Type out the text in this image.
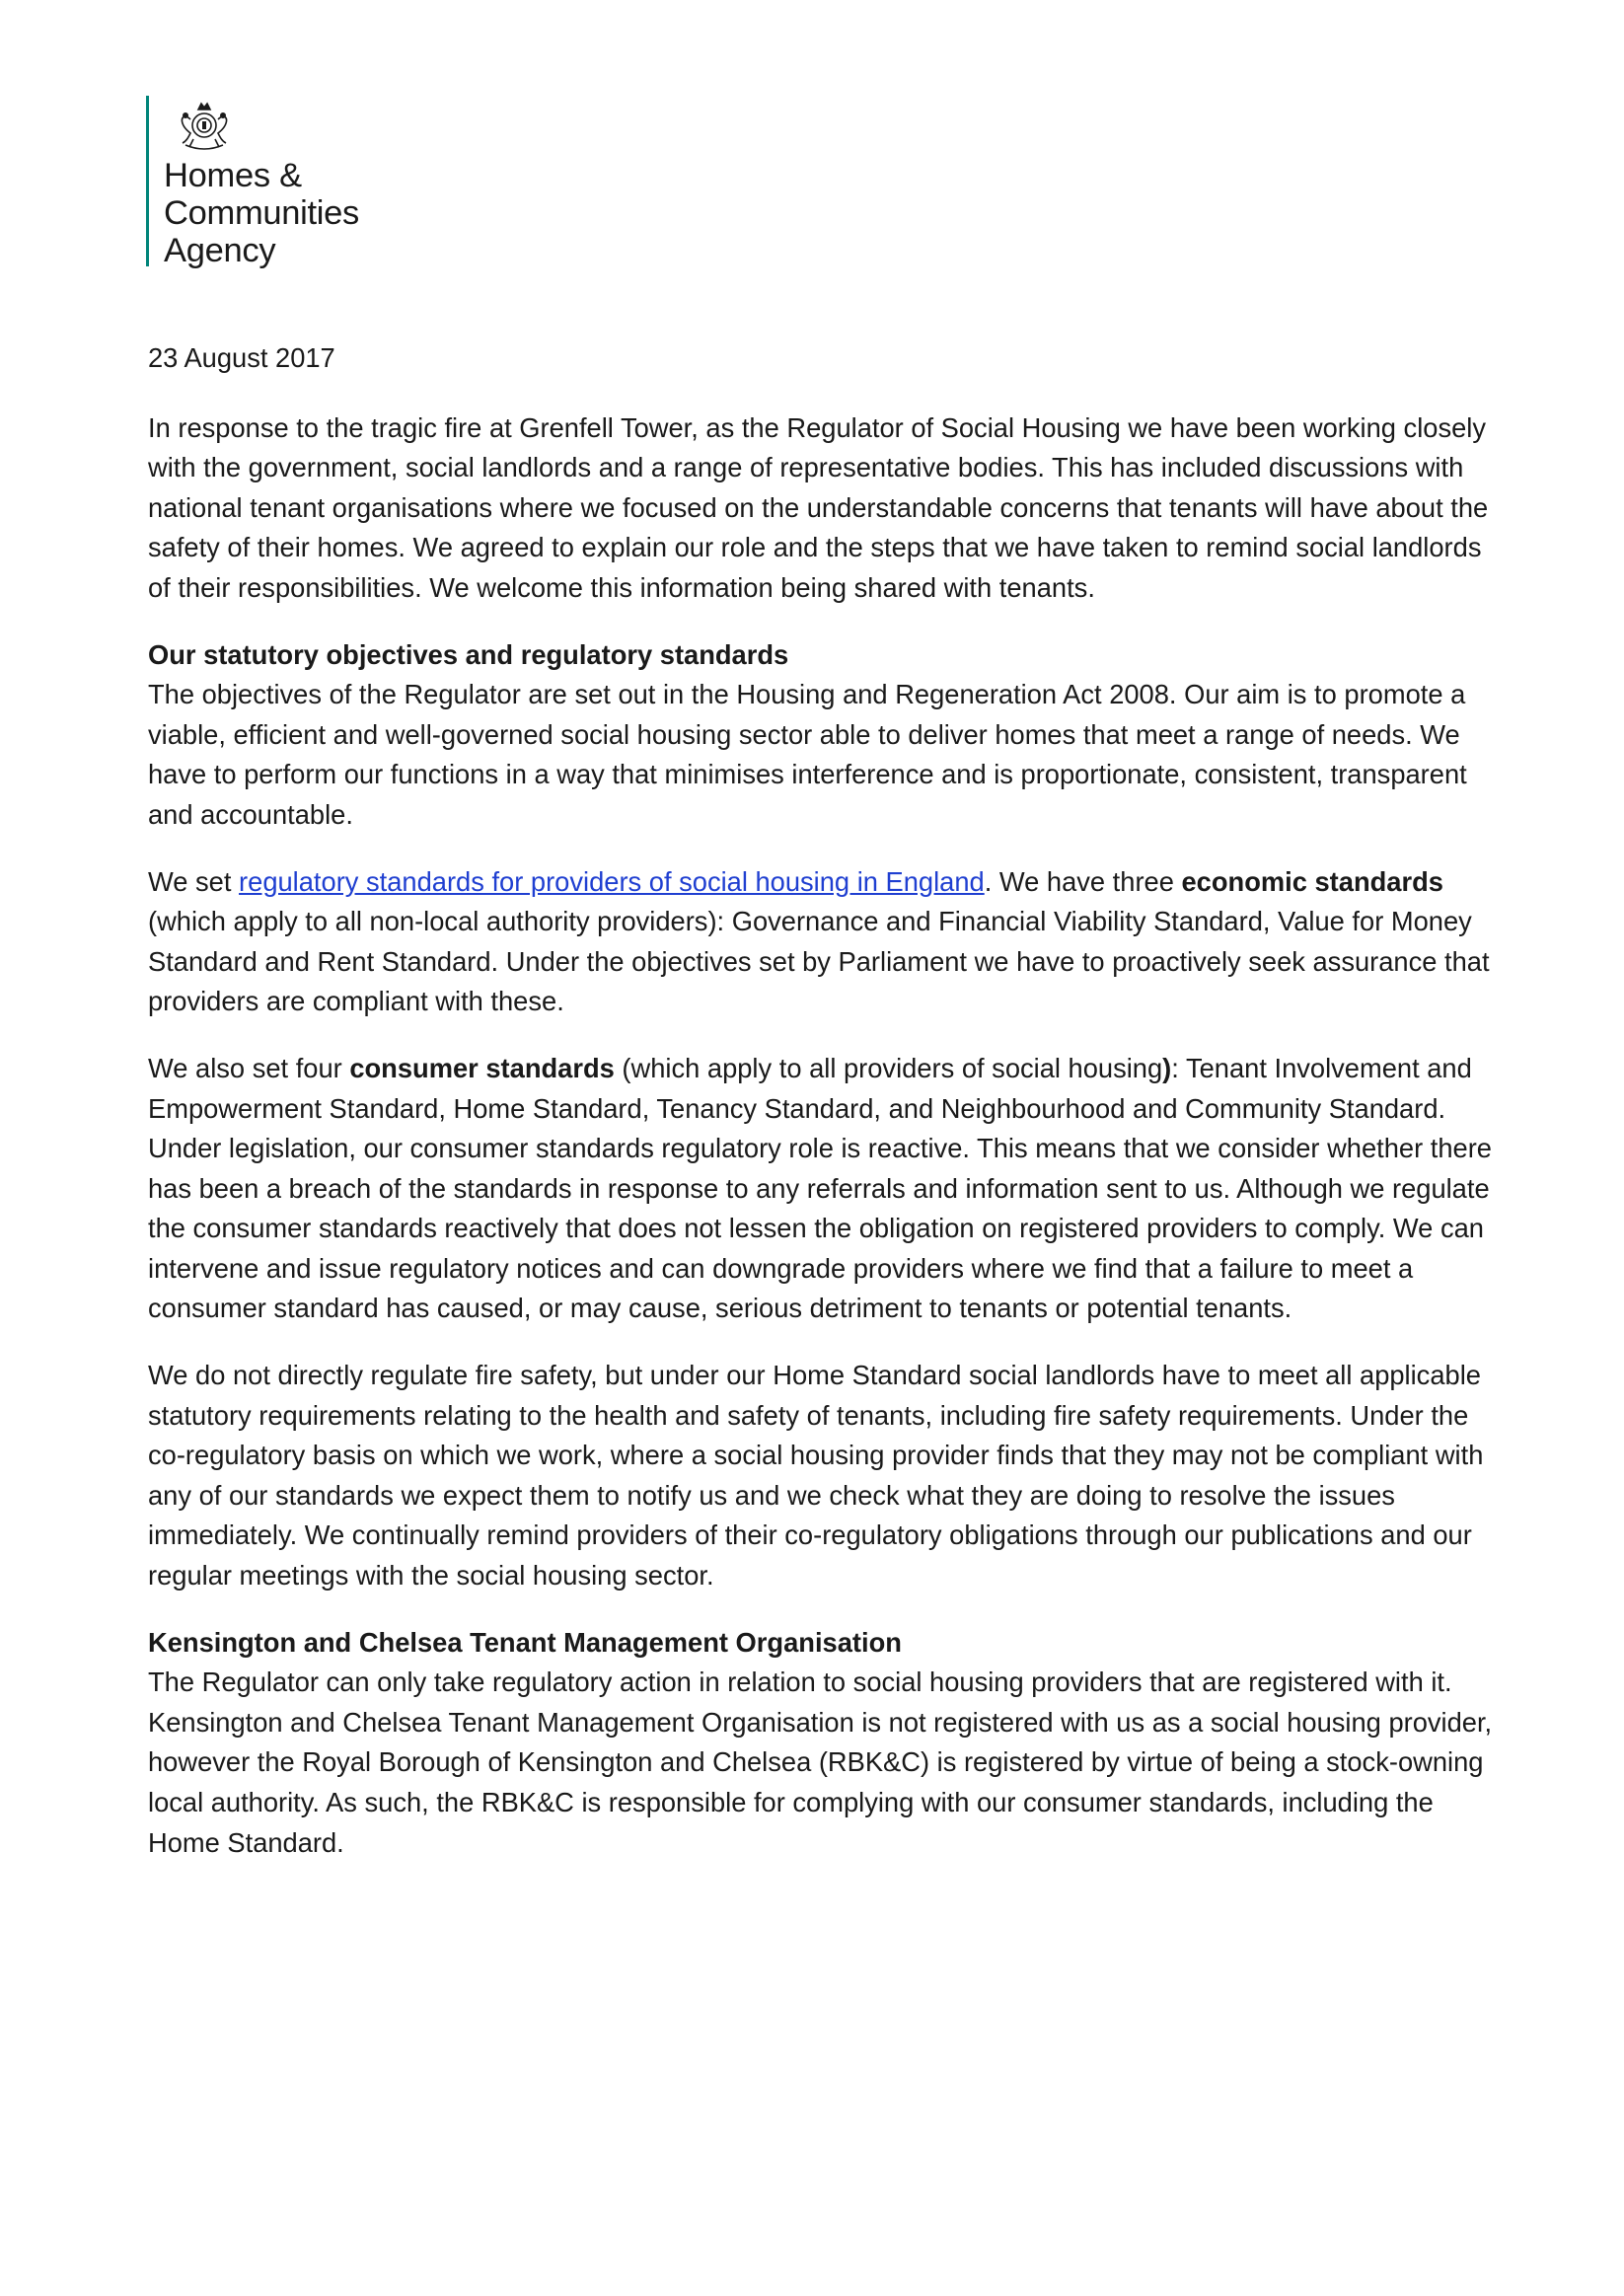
Homes &
Communities
Agency
23 August 2017

In response to the tragic fire at Grenfell Tower, as the Regulator of Social Housing we have been working closely with the government, social landlords and a range of representative bodies. This has included discussions with national tenant organisations where we focused on the understandable concerns that tenants will have about the safety of their homes. We agreed to explain our role and the steps that we have taken to remind social landlords of their responsibilities. We welcome this information being shared with tenants.

Our statutory objectives and regulatory standards

The objectives of the Regulator are set out in the Housing and Regeneration Act 2008. Our aim is to promote a viable, efficient and well-governed social housing sector able to deliver homes that meet a range of needs. We have to perform our functions in a way that minimises interference and is proportionate, consistent, transparent and accountable.

We set regulatory standards for providers of social housing in England. We have three economic standards (which apply to all non-local authority providers): Governance and Financial Viability Standard, Value for Money Standard and Rent Standard. Under the objectives set by Parliament we have to proactively seek assurance that providers are compliant with these.

We also set four consumer standards (which apply to all providers of social housing): Tenant Involvement and Empowerment Standard, Home Standard, Tenancy Standard, and Neighbourhood and Community Standard. Under legislation, our consumer standards regulatory role is reactive. This means that we consider whether there has been a breach of the standards in response to any referrals and information sent to us. Although we regulate the consumer standards reactively that does not lessen the obligation on registered providers to comply. We can intervene and issue regulatory notices and can downgrade providers where we find that a failure to meet a consumer standard has caused, or may cause, serious detriment to tenants or potential tenants.

We do not directly regulate fire safety, but under our Home Standard social landlords have to meet all applicable statutory requirements relating to the health and safety of tenants, including fire safety requirements. Under the co-regulatory basis on which we work, where a social housing provider finds that they may not be compliant with any of our standards we expect them to notify us and we check what they are doing to resolve the issues immediately. We continually remind providers of their co-regulatory obligations through our publications and our regular meetings with the social housing sector.

Kensington and Chelsea Tenant Management Organisation

The Regulator can only take regulatory action in relation to social housing providers that are registered with it. Kensington and Chelsea Tenant Management Organisation is not registered with us as a social housing provider, however the Royal Borough of Kensington and Chelsea (RBK&C) is registered by virtue of being a stock-owning local authority. As such, the RBK&C is responsible for complying with our consumer standards, including the Home Standard.
